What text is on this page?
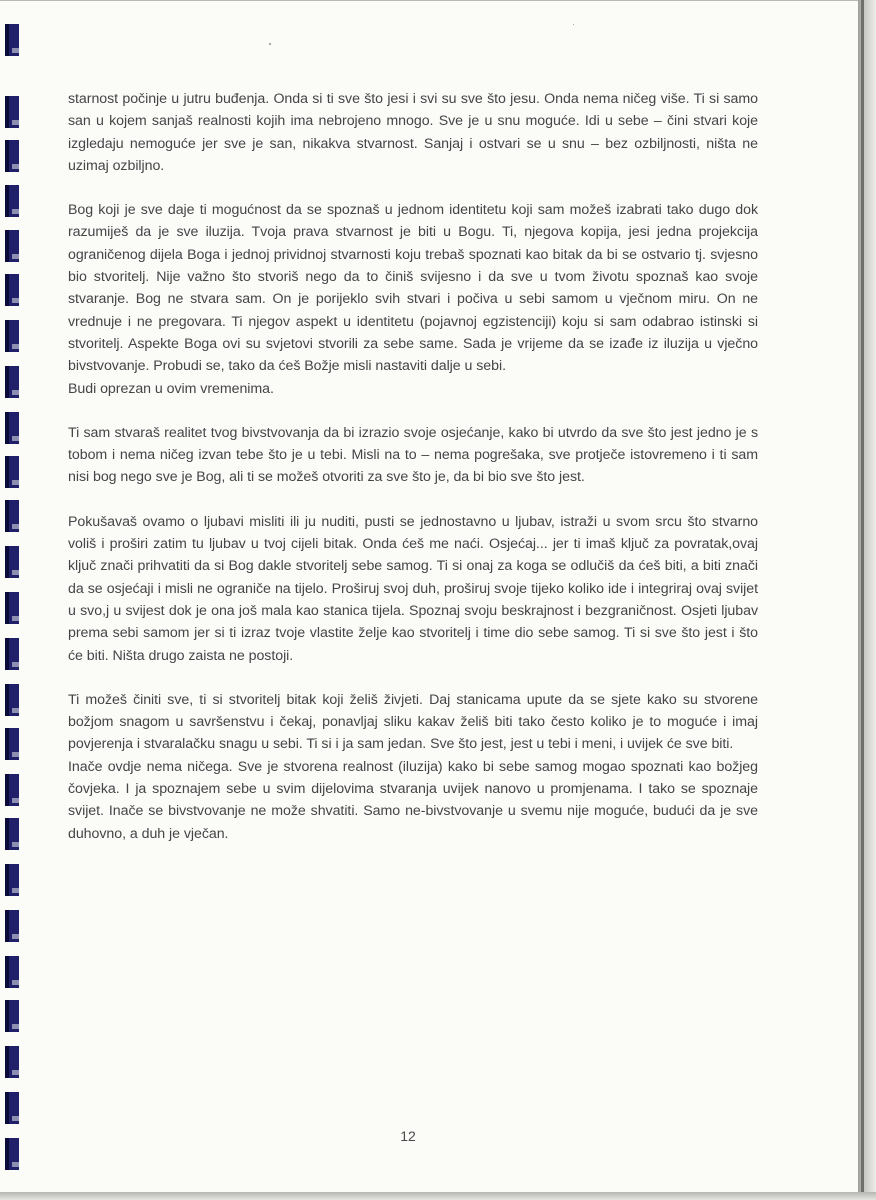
starnost počinje u jutru buđenja. Onda si ti sve što jesi i svi su sve što jesu. Onda nema ničeg više. Ti si samo san u kojem sanjaš realnosti kojih ima nebrojeno mnogo. Sve je u snu moguće. Idi u sebe – čini stvari koje izgledaju nemoguće jer sve je san, nikakva stvarnost. Sanjaj i ostvari se u snu – bez ozbiljnosti, ništa ne uzimaj ozbiljno.

Bog koji je sve daje ti mogućnost da se spoznaš u jednom identitetu koji sam možeš izabrati tako dugo dok razumiješ da je sve iluzija. Tvoja prava stvarnost je biti u Bogu. Ti, njegova kopija, jesi jedna projekcija ograničenog dijela Boga i jednoj prividnoj stvarnosti koju trebaš spoznati kao bitak da bi se ostvario tj. svjesno bio stvoritelj. Nije važno što stvoriš nego da to činiš svijesno i da sve u tvom životu spoznaš kao svoje stvaranje. Bog ne stvara sam. On je porijeklo svih stvari i počiva u sebi samom u vječnom miru. On ne vrednuje i ne pregovara. Ti njegov aspekt u identitetu (pojavnoj egzistenciji) koju si sam odabrao istinski si stvoritelj. Aspekte Boga ovi su svjetovi stvorili za sebe same. Sada je vrijeme da se izađe iz iluzija u vječno bivstvovanje. Probudi se, tako da ćeš Božje misli nastaviti dalje u sebi.
Budi oprezan u ovim vremenima.

Ti sam stvaraš realitet tvog bivstvovanja da bi izrazio svoje osjećanje, kako bi utvrdo da sve što jest jedno je s tobom i nema ničeg izvan tebe što je u tebi. Misli na to – nema pogrešaka, sve protječe istovremeno i ti sam nisi bog nego sve je Bog, ali ti se možeš otvoriti za sve što je, da bi bio sve što jest.

Pokušavaš ovamo o ljubavi misliti ili ju nuditi, pusti se jednostavno u ljubav, istraži u svom srcu što stvarno voliš i proširi zatim tu ljubav u tvoj cijeli bitak. Onda ćeš me naći. Osjećaj... jer ti imaš ključ za povratak,ovaj ključ znači prihvatiti da si Bog dakle stvoritelj sebe samog. Ti si onaj za koga se odlučiš da ćeš biti, a biti znači da se osjećaji i misli ne ograniče na tijelo. Proširuj svoj duh, proširuj svoje tijeko koliko ide i integriraj ovaj svijet u svo,j u svijest dok je ona još mala kao stanica tijela. Spoznaj svoju beskrajnost i bezgraničnost. Osjeti ljubav prema sebi samom jer si ti izraz tvoje vlastite želje kao stvoritelj i time dio sebe samog. Ti si sve što jest i što će biti. Ništa drugo zaista ne postoji.

Ti možeš činiti sve, ti si stvoritelj bitak koji želiš živjeti. Daj stanicama upute da se sjete kako su stvorene božjom snagom u savršenstvu i čekaj, ponavljaj sliku kakav želiš biti tako često koliko je to moguće i imaj povjerenja i stvaralačku snagu u sebi. Ti si i ja sam jedan. Sve što jest, jest u tebi i meni, i uvijek će sve biti.
Inače ovdje nema ničega. Sve je stvorena realnost (iluzija) kako bi sebe samog mogao spoznati kao božjeg čovjeka. I ja spoznajem sebe u svim dijelovima stvaranja uvijek nanovo u promjenama. I tako se spoznaje svijet. Inače se bivstvovanje ne može shvatiti. Samo ne-bivstvovanje u svemu nije moguće, budući da je sve duhovno, a duh je vječan.

12
